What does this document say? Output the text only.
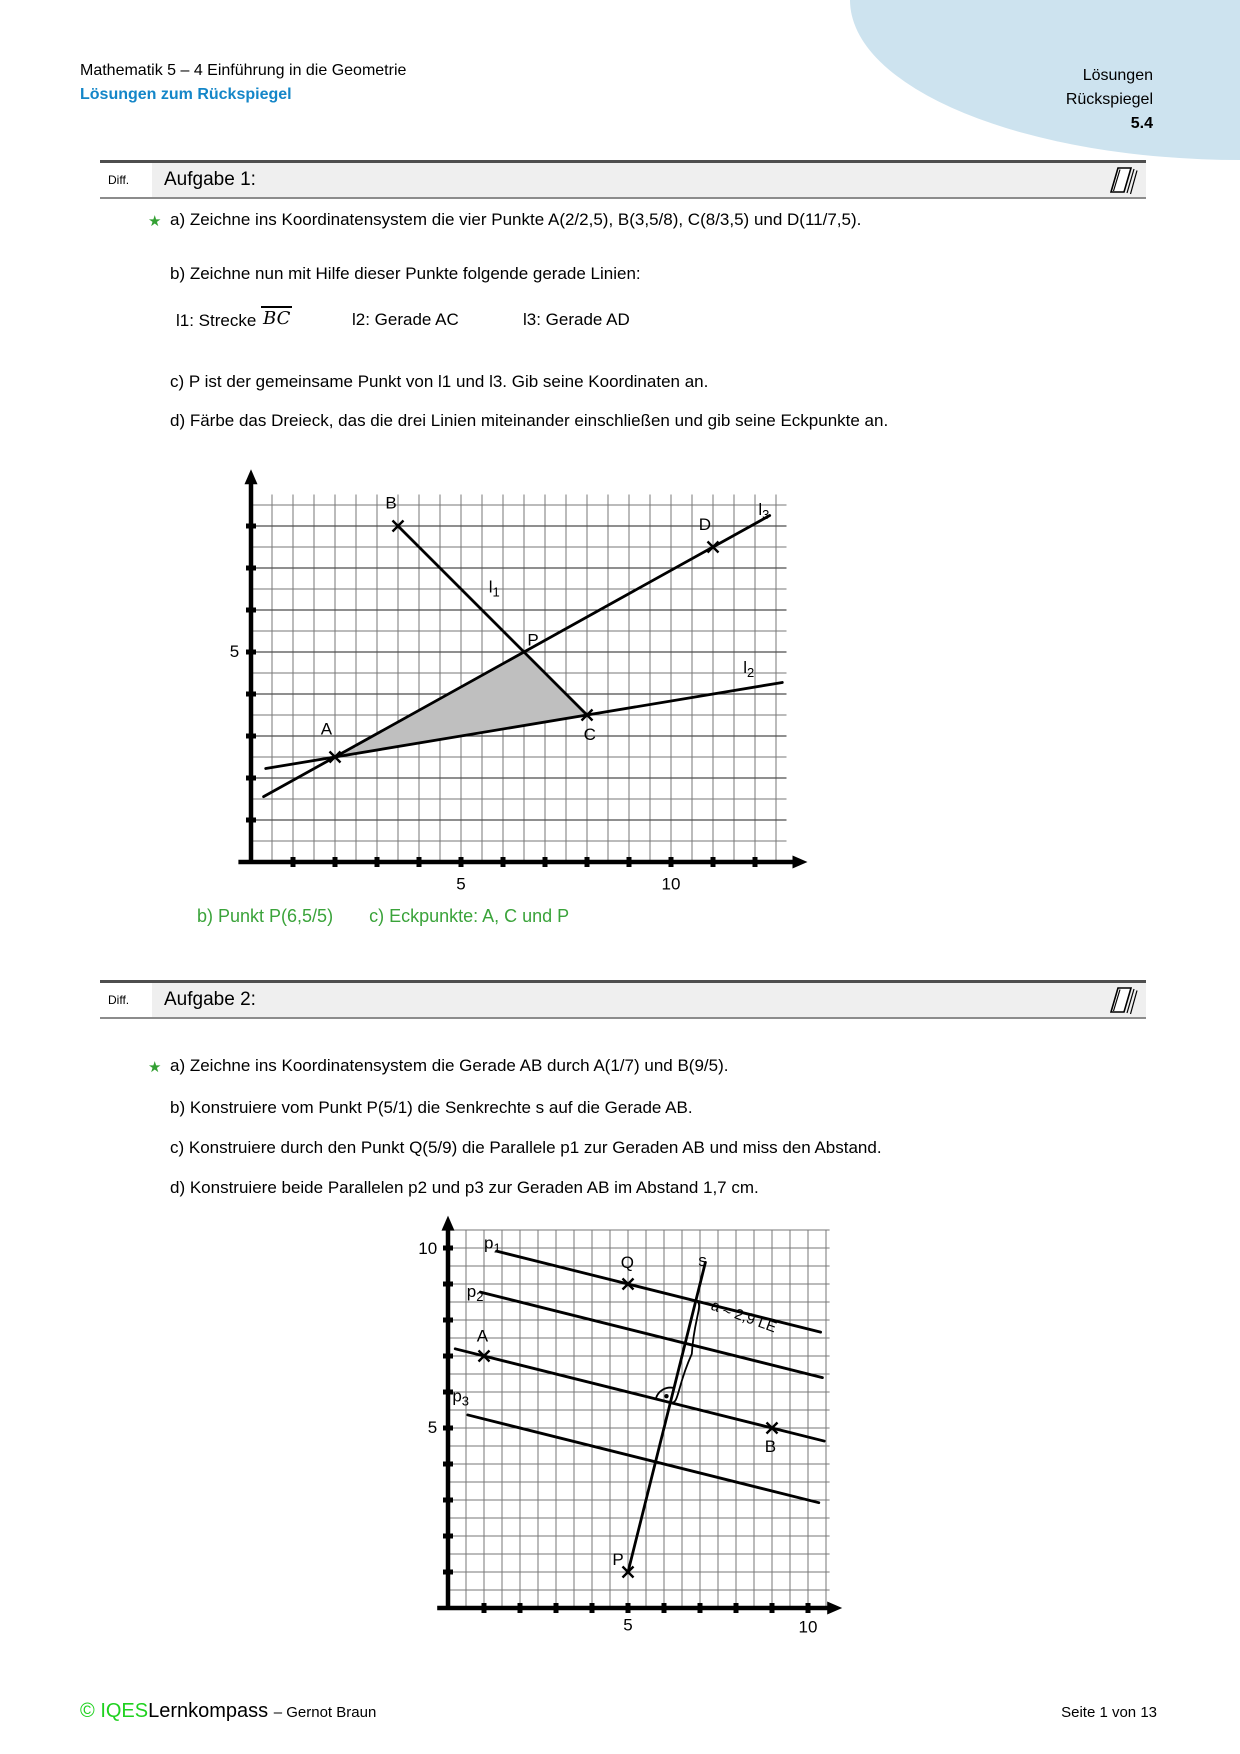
Lösungen
Rückspiegel
5.4
Mathematik 5 – 4 Einführung in die Geometrie
Lösungen zum Rückspiegel
Diff.	Aufgabe 1:
★ a) Zeichne ins Koordinatensystem die vier Punkte A(2/2,5), B(3,5/8), C(8/3,5) und D(11/7,5).
b) Zeichne nun mit Hilfe dieser Punkte folgende gerade Linien:
l1: Strecke BC	l2: Gerade AC	l3: Gerade AD
c) P ist der gemeinsame Punkt von l1 und l3. Gib seine Koordinaten an.
d) Färbe das Dreieck, das die drei Linien miteinander einschließen und gib seine Eckpunkte an.
A
B
C
D
P
$l_1$
$l_2$
$l_3$
5
5	10
b) Punkt P(6,5/5) c) Eckpunkte: A, C und P
Diff.	Aufgabe 2:
★ a) Zeichne ins Koordinatensystem die Gerade AB durch A(1/7) und B(9/5).
b) Konstruiere vom Punkt P(5/1) die Senkrechte s auf die Gerade AB.
c) Konstruiere durch den Punkt Q(5/9) die Parallele p1 zur Geraden AB und miss den Abstand.
d) Konstruiere beide Parallelen p2 und p3 zur Geraden AB im Abstand 1,7 cm.
A
B
Q
P
s
$p_1$
$p_2$
$p_3$
10
5
5	10
a ≈ 2,9 LE
© IQESLernkompass – Gernot Braun	Seite 1 von 13
